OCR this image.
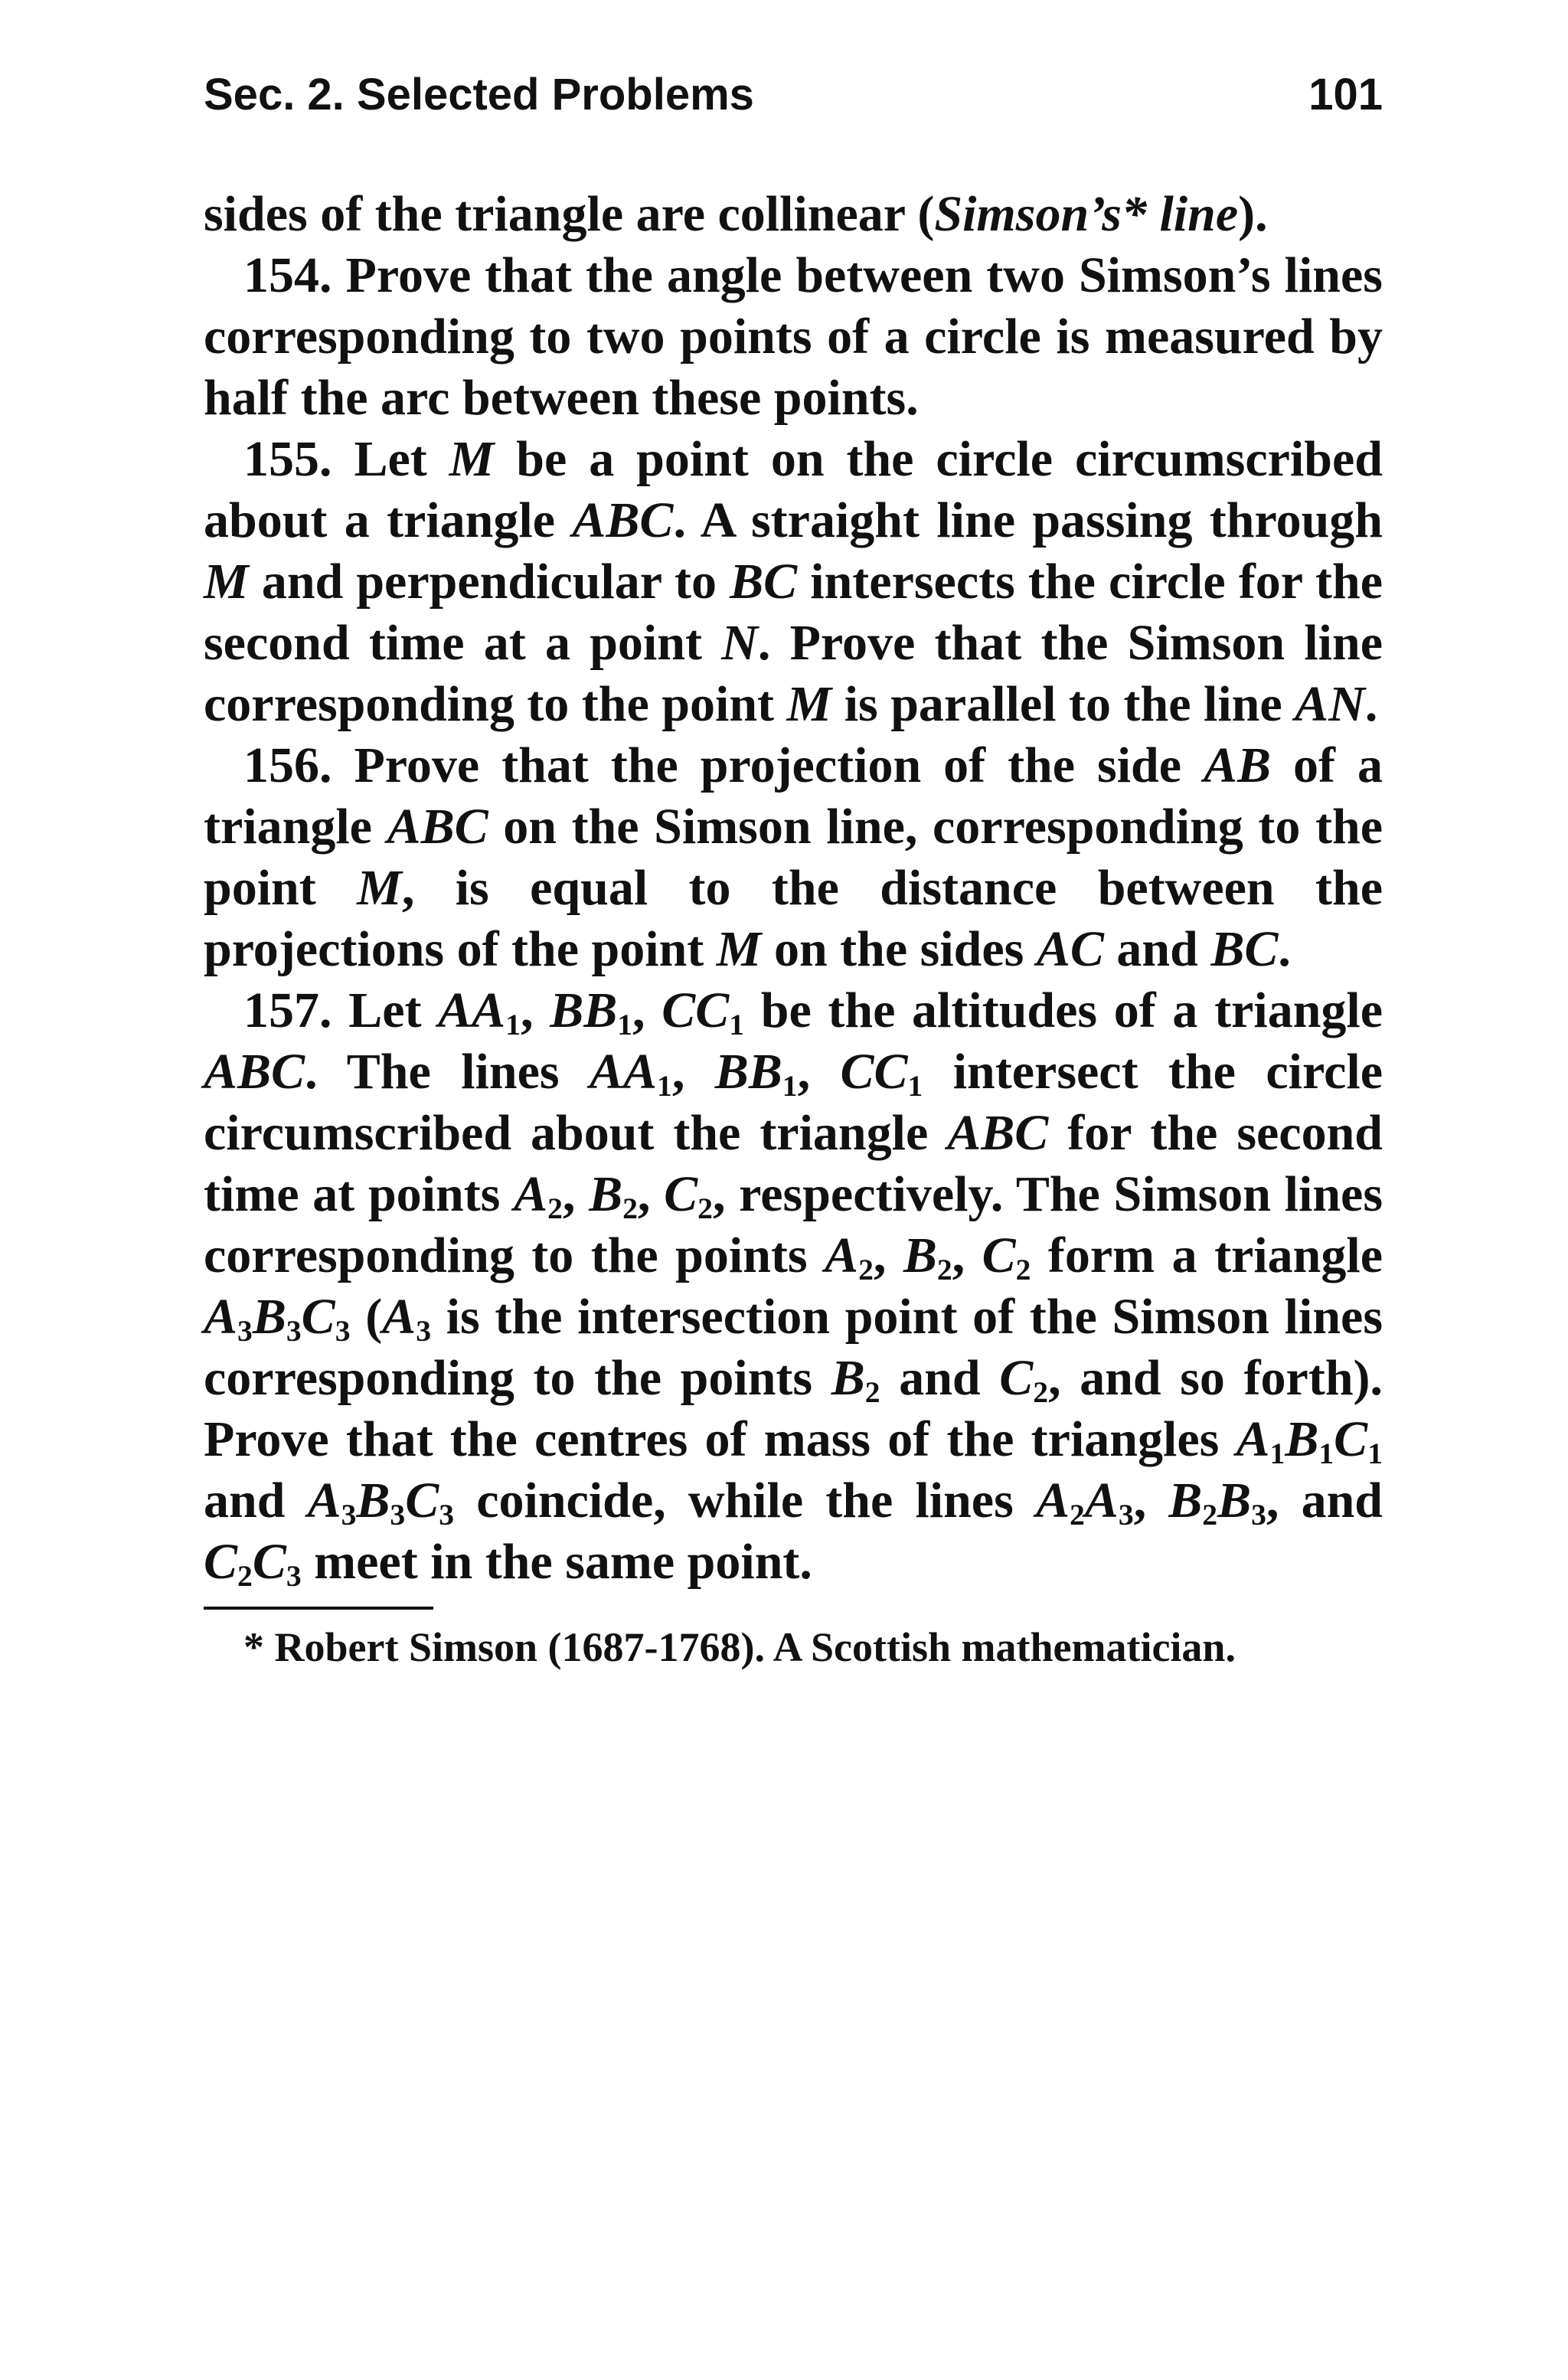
Sec. 2. Selected Problems	101

sides of the triangle are collinear (Simson’s* line).

154. Prove that the angle between two Simson’s lines corresponding to two points of a circle is measured by half the arc between these points.

155. Let M be a point on the circle circumscribed about a triangle ABC. A straight line passing through M and perpendicular to BC intersects the circle for the second time at a point N. Prove that the Simson line corresponding to the point M is parallel to the line AN.

156. Prove that the projection of the side AB of a triangle ABC on the Simson line, corresponding to the point M, is equal to the distance between the projections of the point M on the sides AC and BC.

157. Let $AA_1$, $BB_1$, $CC_1$ be the altitudes of a triangle ABC. The lines $AA_1$, $BB_1$, $CC_1$ intersect the circle circumscribed about the triangle ABC for the second time at points $A_2$, $B_2$, $C_2$, respectively. The Simson lines corresponding to the points $A_2$, $B_2$, $C_2$ form a triangle $A_3B_3C_3$ ($A_3$ is the intersection point of the Simson lines corresponding to the points $B_2$ and $C_2$, and so forth). Prove that the centres of mass of the triangles $A_1B_1C_1$ and $A_3B_3C_3$ coincide, while the lines $A_2A_3$, $B_2B_3$, and $C_2C_3$ meet in the same point.

* Robert Simson (1687-1768). A Scottish mathematician.
